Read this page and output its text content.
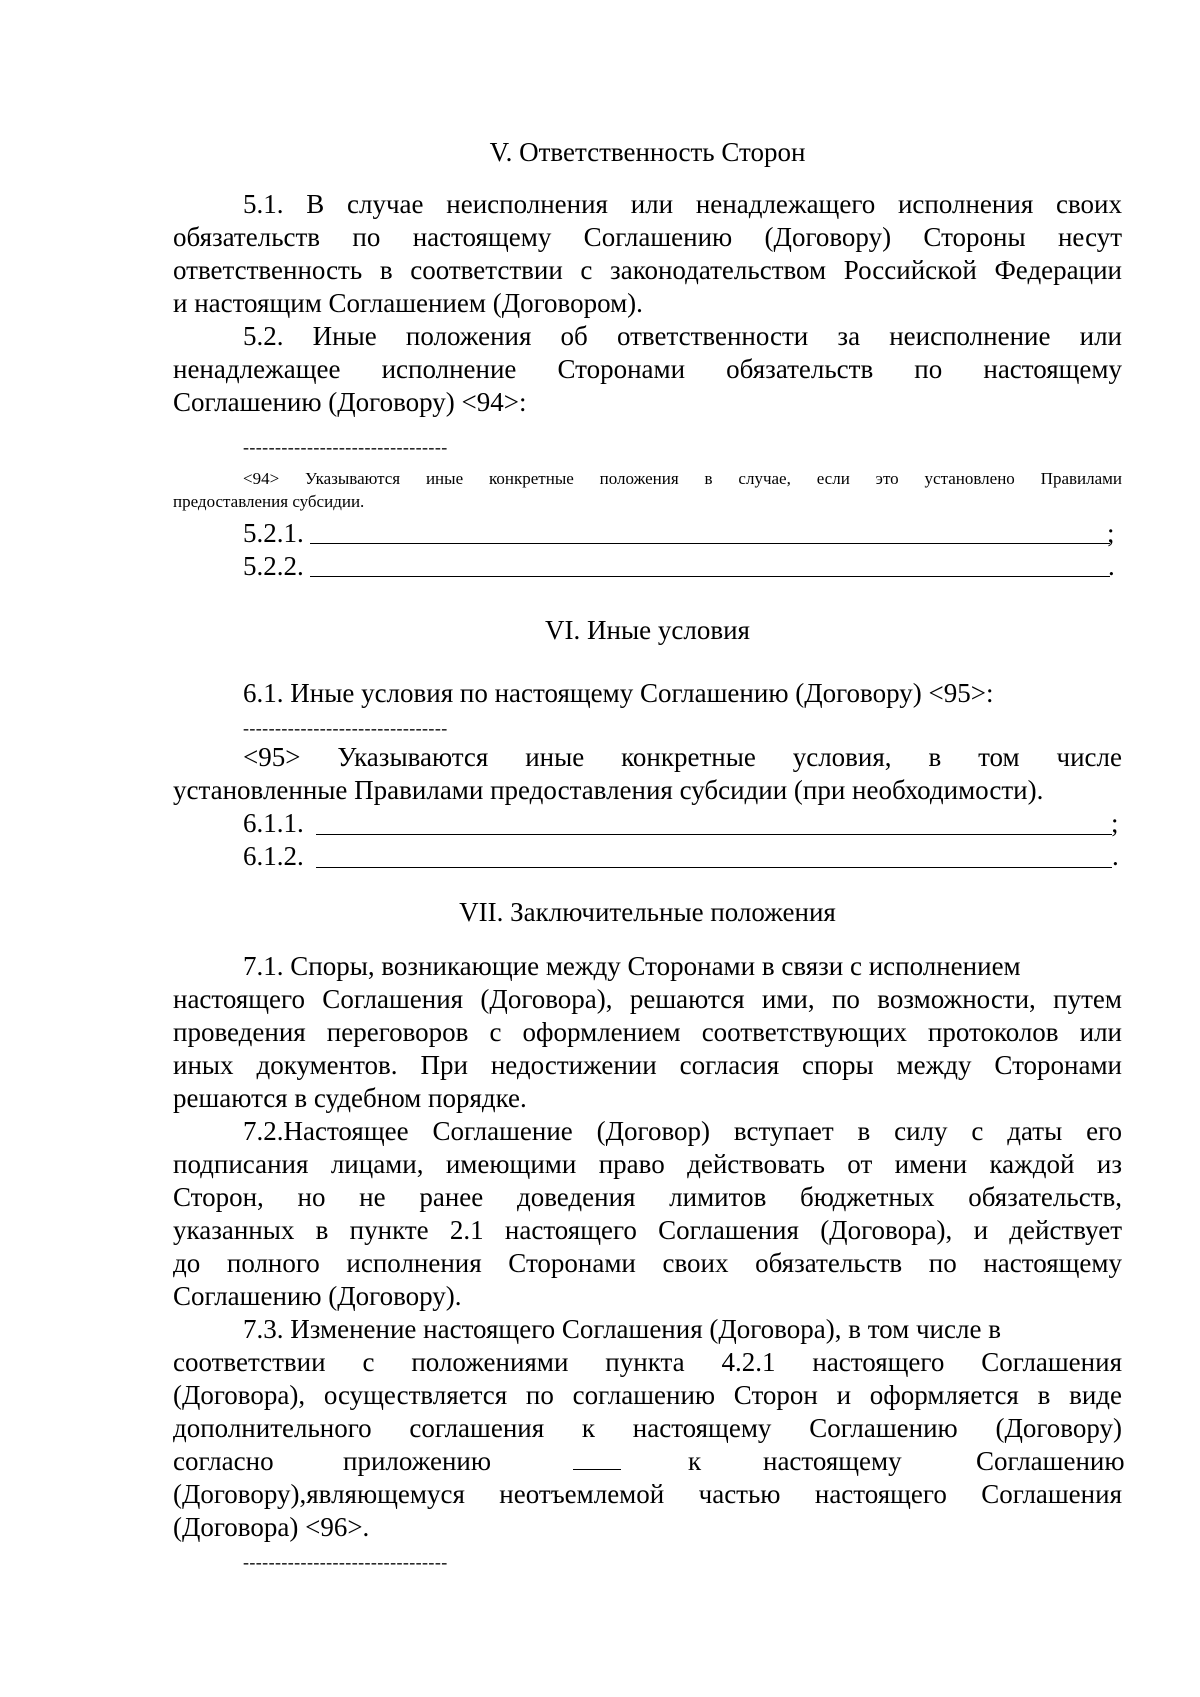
V. Ответственность Сторон
5.1. В случае неисполнения или ненадлежащего исполнения своих
обязательств по настоящему Соглашению (Договору) Стороны несут
ответственность в соответствии с законодательством Российской Федерации
и настоящим Соглашением (Договором).
5.2. Иные положения об ответственности за неисполнение или
ненадлежащее исполнение Сторонами обязательств по настоящему
Соглашению (Договору) <94>:
--------------------------------
<94> Указываются иные конкретные положения в случае, если это установлено Правилами
предоставления субсидии.
5.2.1.	;
5.2.2.	.
VI. Иные условия
6.1. Иные условия по настоящему Соглашению (Договору) <95>:
--------------------------------
<95> Указываются иные конкретные условия, в том числе
установленные Правилами предоставления субсидии (при необходимости).
6.1.1.	;
6.1.2.	.
VII. Заключительные положения
7.1. Споры, возникающие между Сторонами в связи с исполнением
настоящего Соглашения (Договора), решаются ими, по возможности, путем
проведения переговоров с оформлением соответствующих протоколов или
иных документов. При недостижении согласия споры между Сторонами
решаются в судебном порядке.
7.2.Настоящее Соглашение (Договор) вступает в силу с даты его
подписания лицами, имеющими право действовать от имени каждой из
Сторон, но не ранее доведения лимитов бюджетных обязательств,
указанных в пункте 2.1 настоящего Соглашения (Договора), и действует
до полного исполнения Сторонами своих обязательств по настоящему
Соглашению (Договору).
7.3. Изменение настоящего Соглашения (Договора), в том числе в
соответствии с положениями пункта 4.2.1 настоящего Соглашения
(Договора), осуществляется по соглашению Сторон и оформляется в виде
дополнительного соглашения к настоящему Соглашению (Договору)
согласно	приложению	к настоящему	Соглашению
(Договору),являющемуся неотъемлемой частью настоящего Соглашения
(Договора) <96>.
--------------------------------
